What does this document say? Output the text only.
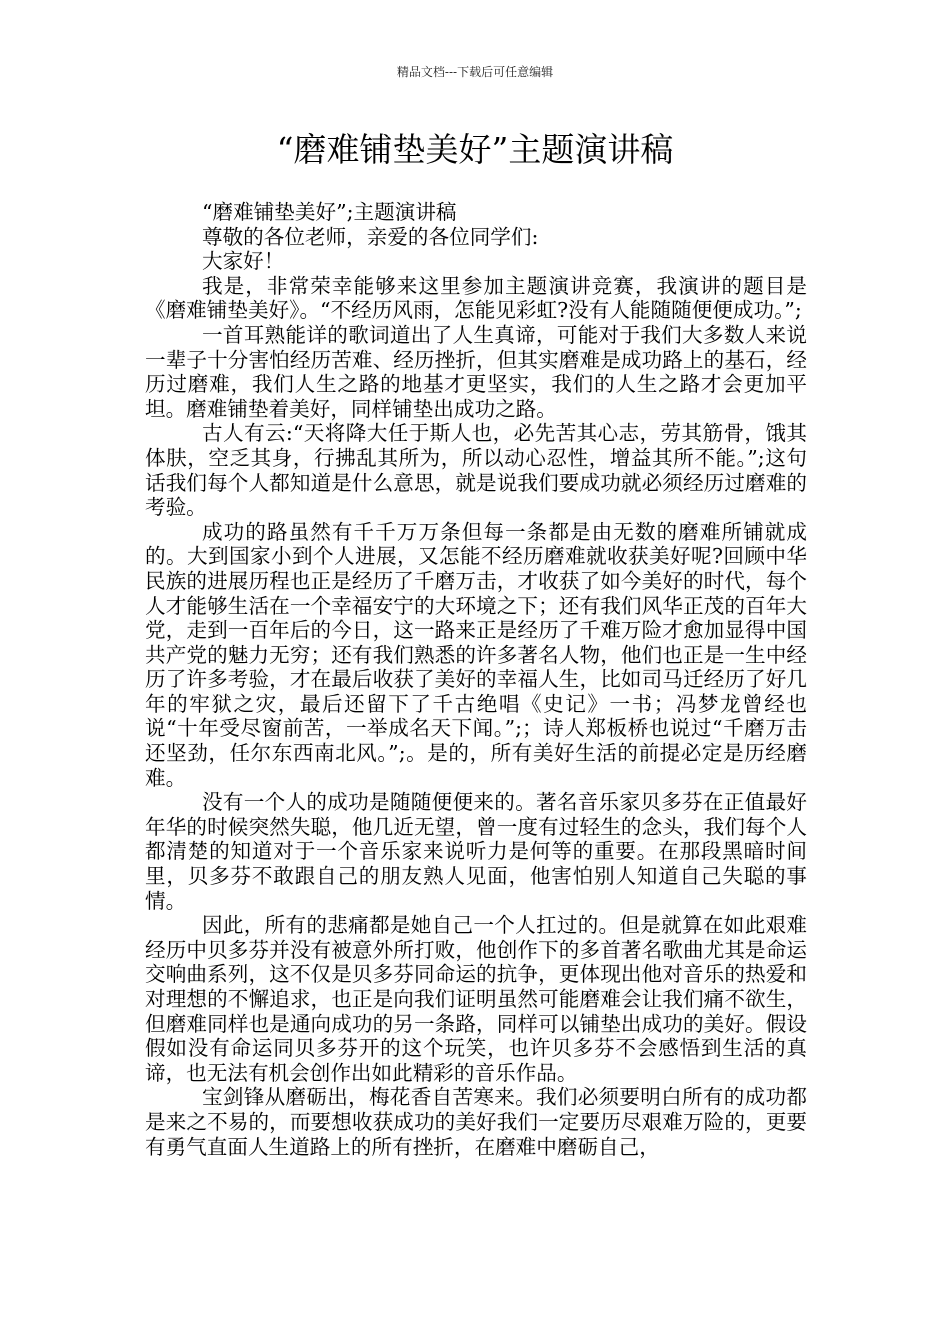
精品文档---下载后可任意编辑
“磨难铺垫美好”主题演讲稿

“磨难铺垫美好”;主题演讲稿

尊敬的各位老师，亲爱的各位同学们:

大家好！

我是，非常荣幸能够来这里参加主题演讲竞赛，我演讲的题目是《磨难铺垫美好》。“不经历风雨，怎能见彩虹?没有人能随随便便成功。”;

一首耳熟能详的歌词道出了人生真谛，可能对于我们大多数人来说一辈子十分害怕经历苦难、经历挫折，但其实磨难是成功路上的基石，经历过磨难，我们人生之路的地基才更坚实，我们的人生之路才会更加平坦。磨难铺垫着美好，同样铺垫出成功之路。

古人有云:“天将降大任于斯人也，必先苦其心志，劳其筋骨，饿其体肤，空乏其身，行拂乱其所为，所以动心忍性，增益其所不能。”;这句话我们每个人都知道是什么意思，就是说我们要成功就必须经历过磨难的考验。

成功的路虽然有千千万万条但每一条都是由无数的磨难所铺就成的。大到国家小到个人进展，又怎能不经历磨难就收获美好呢?回顾中华民族的进展历程也正是经历了千磨万击，才收获了如今美好的时代，每个人才能够生活在一个幸福安宁的大环境之下；还有我们风华正茂的百年大党，走到一百年后的今日，这一路来正是经历了千难万险才愈加显得中国共产党的魅力无穷；还有我们熟悉的许多著名人物，他们也正是一生中经历了许多考验，才在最后收获了美好的幸福人生，比如司马迁经历了好几年的牢狱之灾，最后还留下了千古绝唱《史记》一书；冯梦龙曾经也说“十年受尽窗前苦，一举成名天下闻。”;；诗人郑板桥也说过“千磨万击还坚劲，任尔东西南北风。”;。是的，所有美好生活的前提必定是历经磨难。

没有一个人的成功是随随便便来的。著名音乐家贝多芬在正值最好年华的时候突然失聪，他几近无望，曾一度有过轻生的念头，我们每个人都清楚的知道对于一个音乐家来说听力是何等的重要。在那段黑暗时间里，贝多芬不敢跟自己的朋友熟人见面，他害怕别人知道自己失聪的事情。

因此，所有的悲痛都是她自己一个人扛过的。但是就算在如此艰难经历中贝多芬并没有被意外所打败，他创作下的多首著名歌曲尤其是命运交响曲系列，这不仅是贝多芬同命运的抗争，更体现出他对音乐的热爱和对理想的不懈追求，也正是向我们证明虽然可能磨难会让我们痛不欲生，但磨难同样也是通向成功的另一条路，同样可以铺垫出成功的美好。假设假如没有命运同贝多芬开的这个玩笑，也许贝多芬不会感悟到生活的真谛，也无法有机会创作出如此精彩的音乐作品。

宝剑锋从磨砺出，梅花香自苦寒来。我们必须要明白所有的成功都是来之不易的，而要想收获成功的美好我们一定要历尽艰难万险的，更要有勇气直面人生道路上的所有挫折，在磨难中磨砺自己，
